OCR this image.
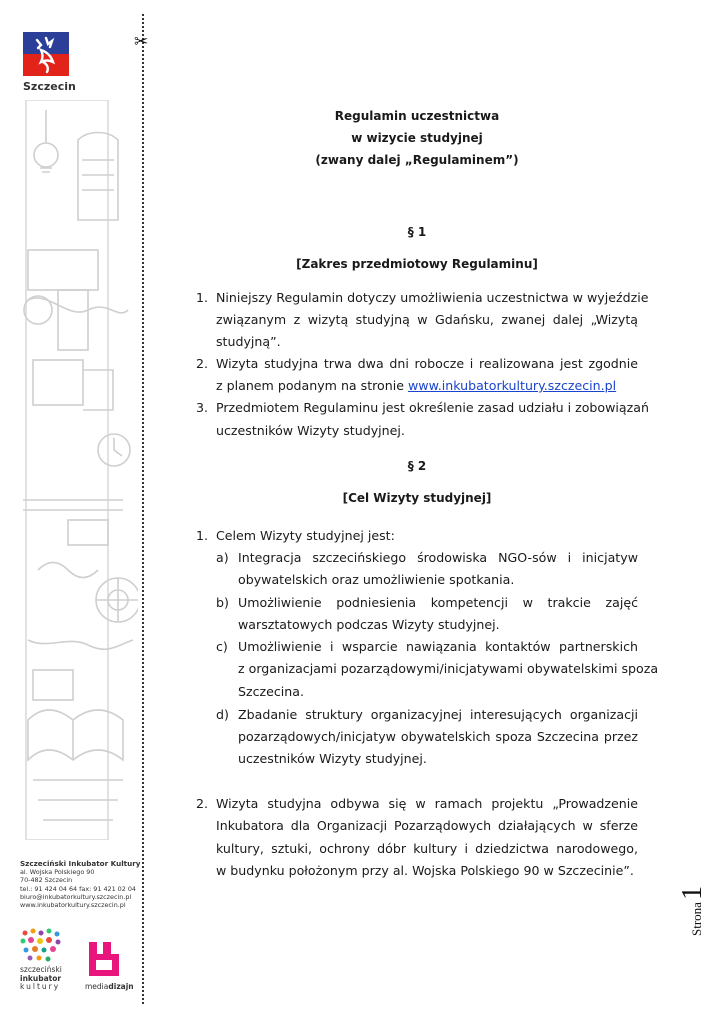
Szczecin
Szczeciński Inkubator Kultury
al. Wojska Polskiego 90
70-482 Szczecin
tel.: 91 424 04 64 fax: 91 421 02 04
biuro@inkubatorkultury.szczecin.pl
www.inkubatorkultury.szczecin.pl
szczeciński
inkubator
kultury	mediadizajn
✂
Regulamin uczestnictwa
w wizycie studyjnej
(zwany dalej „Regulaminem”)
§ 1
[Zakres przedmiotowy Regulaminu]
1. Niniejszy Regulamin dotyczy umożliwienia uczestnictwa w wyjeździe
związanym z wizytą studyjną w Gdańsku, zwanej dalej „Wizytą
studyjną”.
2. Wizyta studyjna trwa dwa dni robocze i realizowana jest zgodnie
z planem podanym na stronie www.inkubatorkultury.szczecin.pl
3. Przedmiotem Regulaminu jest określenie zasad udziału i zobowiązań
uczestników Wizyty studyjnej.
§ 2
[Cel Wizyty studyjnej]
1. Celem Wizyty studyjnej jest:
a) Integracja szczecińskiego środowiska NGO-sów i inicjatyw
obywatelskich oraz umożliwienie spotkania.
b) Umożliwienie podniesienia kompetencji w trakcie zajęć
warsztatowych podczas Wizyty studyjnej.
c) Umożliwienie i wsparcie nawiązania kontaktów partnerskich
z organizacjami pozarządowymi/inicjatywami obywatelskimi spoza
Szczecina.
d) Zbadanie struktury organizacyjnej interesujących organizacji
pozarządowych/inicjatyw obywatelskich spoza Szczecina przez
uczestników Wizyty studyjnej.
2. Wizyta studyjna odbywa się w ramach projektu „Prowadzenie
Inkubatora dla Organizacji Pozarządowych działających w sferze
kultury, sztuki, ochrony dóbr kultury i dziedzictwa narodowego,
w budynku położonym przy al. Wojska Polskiego 90 w Szczecinie”.
Strona1
